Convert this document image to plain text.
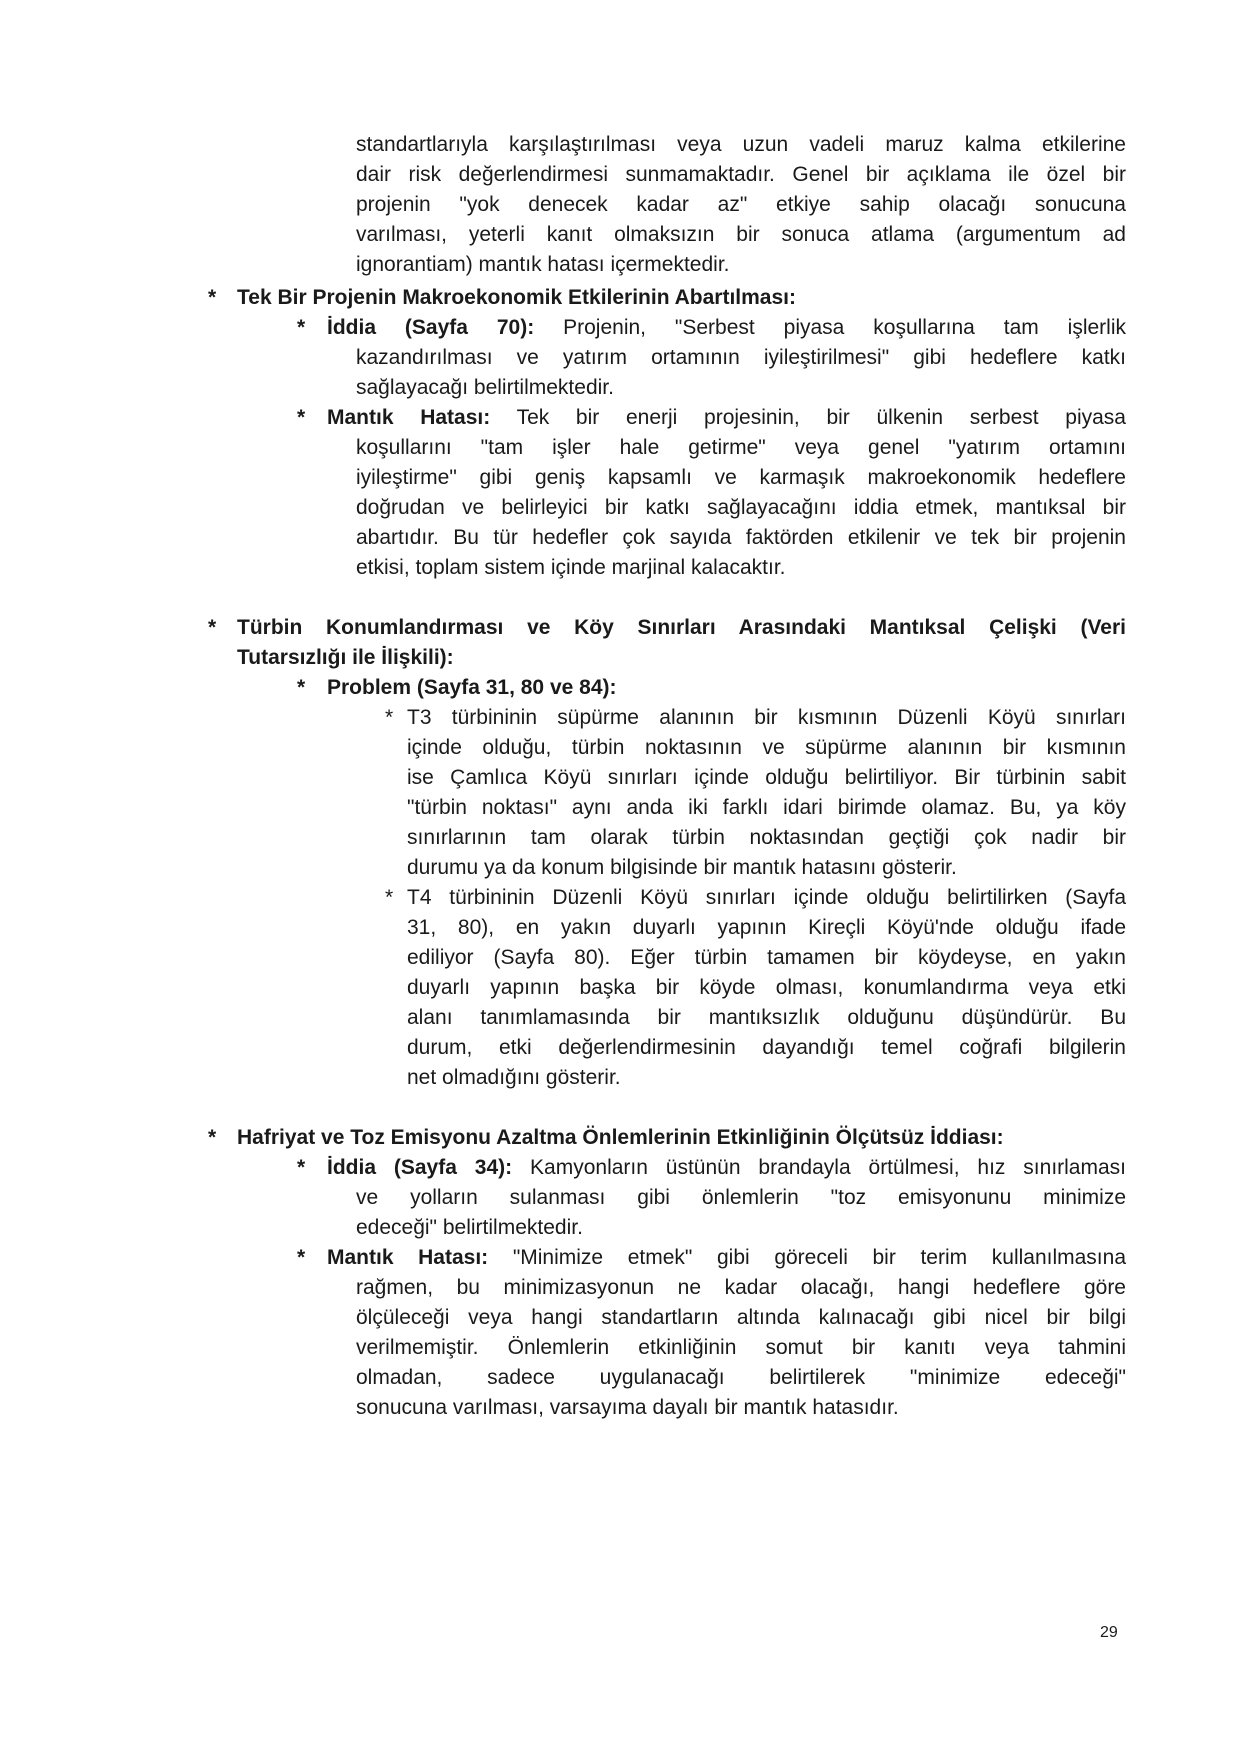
standartlarıyla karşılaştırılması veya uzun vadeli maruz kalma etkilerine
dair risk değerlendirmesi sunmamaktadır. Genel bir açıklama ile özel bir
projenin "yok denecek kadar az" etkiye sahip olacağı sonucuna
varılması, yeterli kanıt olmaksızın bir sonuca atlama (argumentum ad
ignorantiam) mantık hatası içermektedir.
* Tek Bir Projenin Makroekonomik Etkilerinin Abartılması:
* İddia (Sayfa 70): Projenin, "Serbest piyasa koşullarına tam işlerlik
kazandırılması ve yatırım ortamının iyileştirilmesi" gibi hedeflere katkı
sağlayacağı belirtilmektedir.
* Mantık Hatası: Tek bir enerji projesinin, bir ülkenin serbest piyasa
koşullarını "tam işler hale getirme" veya genel "yatırım ortamını
iyileştirme" gibi geniş kapsamlı ve karmaşık makroekonomik hedeflere
doğrudan ve belirleyici bir katkı sağlayacağını iddia etmek, mantıksal bir
abartıdır. Bu tür hedefler çok sayıda faktörden etkilenir ve tek bir projenin
etkisi, toplam sistem içinde marjinal kalacaktır.
* Türbin Konumlandırması ve Köy Sınırları Arasındaki Mantıksal Çelişki (Veri
Tutarsızlığı ile İlişkili):
* Problem (Sayfa 31, 80 ve 84):
* T3 türbininin süpürme alanının bir kısmının Düzenli Köyü sınırları
içinde olduğu, türbin noktasının ve süpürme alanının bir kısmının
ise Çamlıca Köyü sınırları içinde olduğu belirtiliyor. Bir türbinin sabit
"türbin noktası" aynı anda iki farklı idari birimde olamaz. Bu, ya köy
sınırlarının tam olarak türbin noktasından geçtiği çok nadir bir
durumu ya da konum bilgisinde bir mantık hatasını gösterir.
* T4 türbininin Düzenli Köyü sınırları içinde olduğu belirtilirken (Sayfa
31, 80), en yakın duyarlı yapının Kireçli Köyü'nde olduğu ifade
ediliyor (Sayfa 80). Eğer türbin tamamen bir köydeyse, en yakın
duyarlı yapının başka bir köyde olması, konumlandırma veya etki
alanı tanımlamasında bir mantıksızlık olduğunu düşündürür. Bu
durum, etki değerlendirmesinin dayandığı temel coğrafi bilgilerin
net olmadığını gösterir.
* Hafriyat ve Toz Emisyonu Azaltma Önlemlerinin Etkinliğinin Ölçütsüz İddiası:
* İddia (Sayfa 34): Kamyonların üstünün brandayla örtülmesi, hız sınırlaması
ve yolların sulanması gibi önlemlerin "toz emisyonunu minimize
edeceği" belirtilmektedir.
* Mantık Hatası: "Minimize etmek" gibi göreceli bir terim kullanılmasına
rağmen, bu minimizasyonun ne kadar olacağı, hangi hedeflere göre
ölçüleceği veya hangi standartların altında kalınacağı gibi nicel bir bilgi
verilmemiştir. Önlemlerin etkinliğinin somut bir kanıtı veya tahmini
olmadan, sadece uygulanacağı belirtilerek "minimize edeceği"
sonucuna varılması, varsayıma dayalı bir mantık hatasıdır.
29
